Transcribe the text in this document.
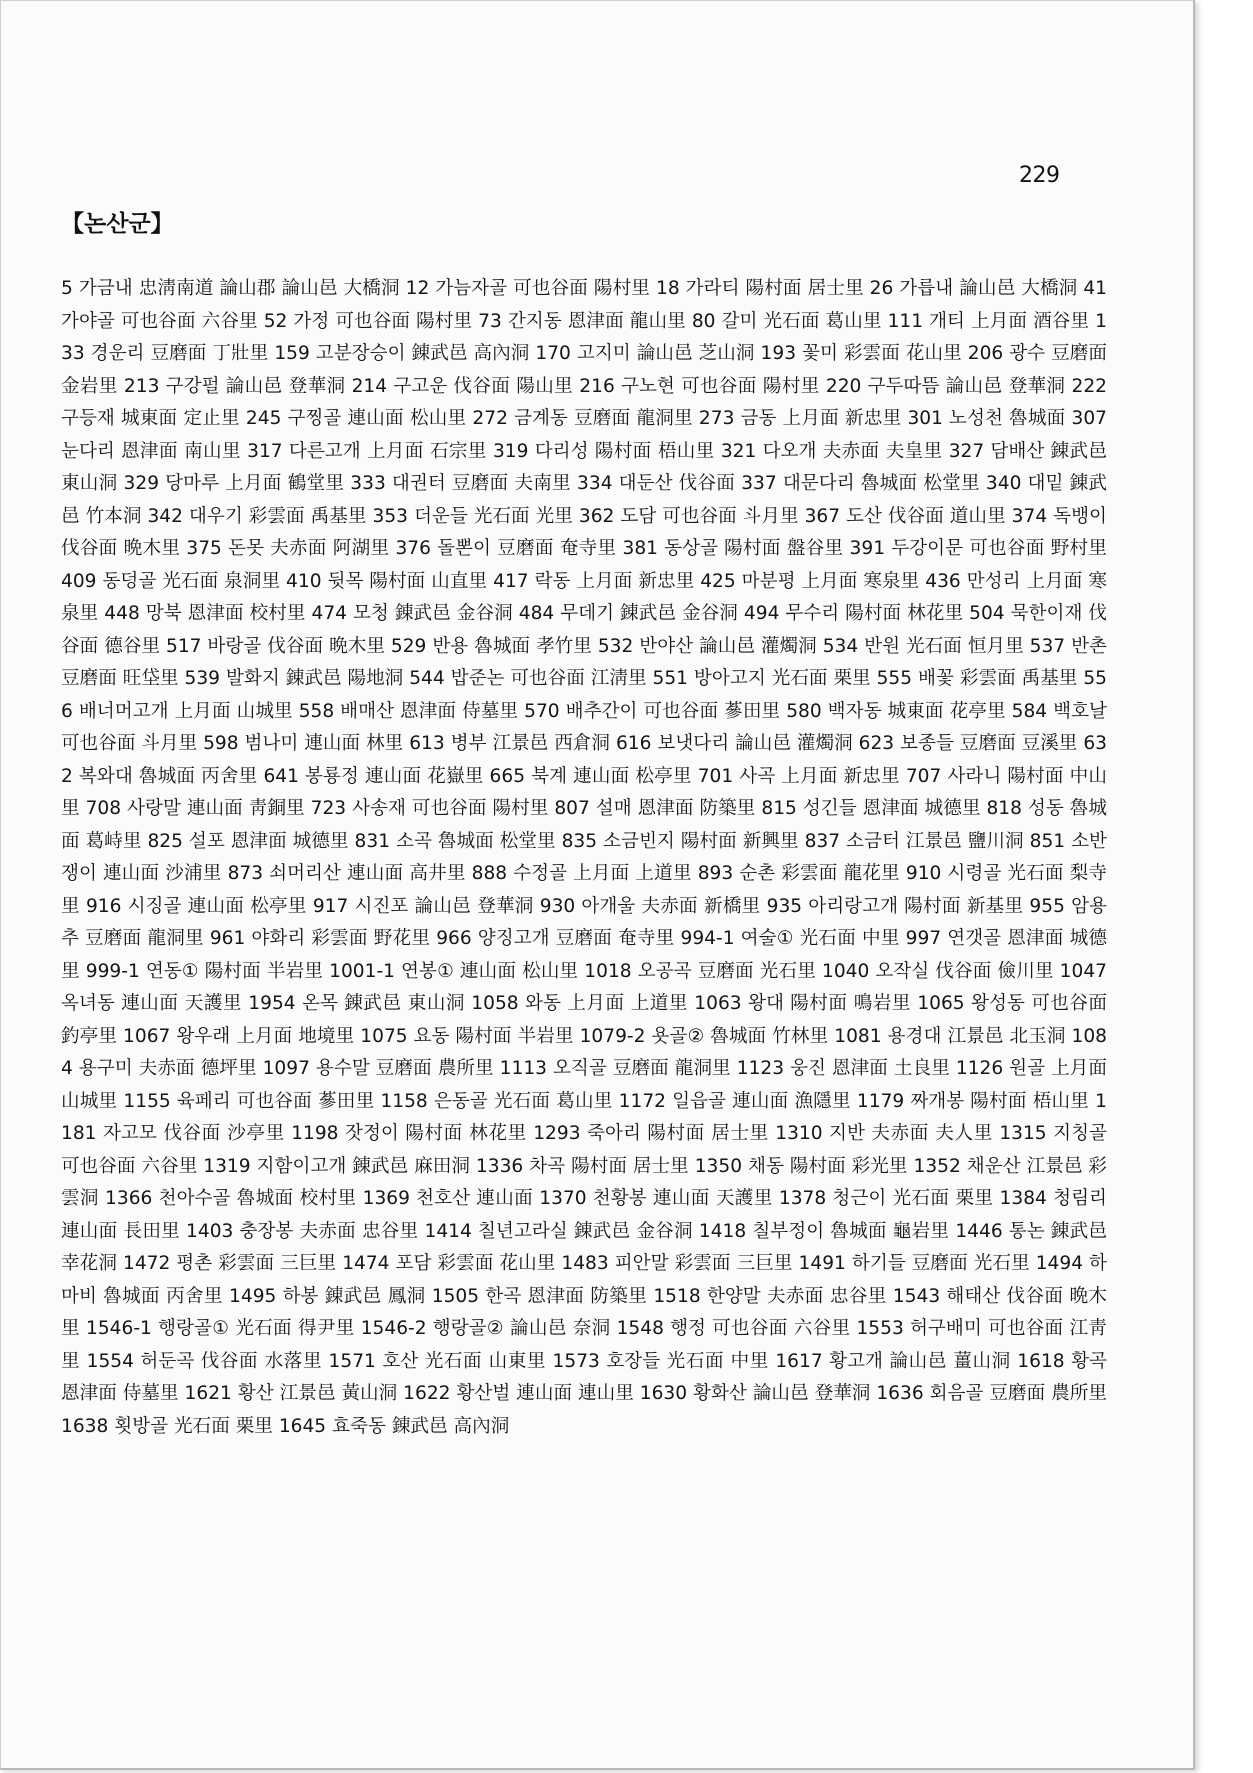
229
【논산군】
5 가금내 忠淸南道 論山郡 論山邑 大橋洞 12 가늠자골 可也谷面 陽村里 18 가라티 陽村面 居士里 26 가릅내 論山邑 大橋洞 41 가야골 可也谷面 六谷里 52 가정 可也谷面 陽村里 73 간지동 恩津面 龍山里 80 갈미 光石面 葛山里 111 개티 上月面 酒谷里 133 경운리 豆磨面 丁壯里 159 고분장승이 錬武邑 高內洞 170 고지미 論山邑 芝山洞 193 꽃미 彩雲面 花山里 206 광수 豆磨面 金岩里 213 구강펄 論山邑 登華洞 214 구고운 伐谷面 陽山里 216 구노현 可也谷面 陽村里 220 구두따뜸 論山邑 登華洞 222 구등재 城東面 定止里 245 구찡골 連山面 松山里 272 금계동 豆磨面 龍洞里 273 금동 上月面 新忠里 301 노성천 魯城面 307 눈다리 恩津面 南山里 317 다른고개 上月面 石宗里 319 다리성 陽村面 梧山里 321 다오개 夫赤面 夫皇里 327 담배산 錬武邑 東山洞 329 당마루 上月面 鶴堂里 333 대권터 豆磨面 夫南里 334 대둔산 伐谷面 337 대문다리 魯城面 松堂里 340 대밑 錬武邑 竹本洞 342 대우기 彩雲面 禹基里 353 더운들 光石面 光里 362 도담 可也谷面 斗月里 367 도산 伐谷面 道山里 374 독뱅이 伐谷面 晩木里 375 돈못 夫赤面 阿湖里 376 돌뽄이 豆磨面 奄寺里 381 동상골 陽村面 盤谷里 391 두강이문 可也谷面 野村里 409 동덩골 光石面 泉洞里 410 뒷목 陽村面 山直里 417 락동 上月面 新忠里 425 마분평 上月面 寒泉里 436 만성리 上月面 寒泉里 448 망북 恩津面 校村里 474 모청 錬武邑 金谷洞 484 무데기 錬武邑 金谷洞 494 무수리 陽村面 林花里 504 묵한이재 伐谷面 德谷里 517 바랑골 伐谷面 晩木里 529 반용 魯城面 孝竹里 532 반야산 論山邑 灌燭洞 534 반원 光石面 恒月里 537 반촌 豆磨面 旺垈里 539 발화지 錬武邑 陽地洞 544 밥준논 可也谷面 江淸里 551 방아고지 光石面 栗里 555 배꽃 彩雲面 禹基里 556 배너머고개 上月面 山城里 558 배매산 恩津面 侍墓里 570 배추간이 可也谷面 蔘田里 580 백자동 城東面 花亭里 584 백호날 可也谷面 斗月里 598 범나미 連山面 林里 613 병부 江景邑 西倉洞 616 보냇다리 論山邑 灌燭洞 623 보종들 豆磨面 豆溪里 632 복와대 魯城面 丙舍里 641 봉룡정 連山面 花嶽里 665 북계 連山面 松亭里 701 사곡 上月面 新忠里 707 사라니 陽村面 中山里 708 사랑말 連山面 靑銅里 723 사송재 可也谷面 陽村里 807 설매 恩津面 防築里 815 성긴들 恩津面 城德里 818 성동 魯城面 葛峙里 825 설포 恩津面 城德里 831 소곡 魯城面 松堂里 835 소금빈지 陽村面 新興里 837 소금터 江景邑 鹽川洞 851 소반쟁이 連山面 沙浦里 873 쇠머리산 連山面 高井里 888 수정골 上月面 上道里 893 순촌 彩雲面 龍花里 910 시령골 光石面 梨寺里 916 시징골 連山面 松亭里 917 시진포 論山邑 登華洞 930 아개울 夫赤面 新橋里 935 아리랑고개 陽村面 新基里 955 암용추 豆磨面 龍洞里 961 야화리 彩雲面 野花里 966 양징고개 豆磨面 奄寺里 994-1 여술① 光石面 中里 997 연갯골 恩津面 城德里 999-1 연동① 陽村面 半岩里 1001-1 연봉① 連山面 松山里 1018 오공곡 豆磨面 光石里 1040 오작실 伐谷面 儉川里 1047 옥녀동 連山面 天護里 1954 온목 錬武邑 東山洞 1058 와동 上月面 上道里 1063 왕대 陽村面 鳴岩里 1065 왕성동 可也谷面 釣亭里 1067 왕우래 上月面 地境里 1075 요동 陽村面 半岩里 1079-2 욧골② 魯城面 竹林里 1081 용경대 江景邑 北玉洞 1084 용구미 夫赤面 德坪里 1097 용수말 豆磨面 農所里 1113 오직골 豆磨面 龍洞里 1123 웅진 恩津面 土良里 1126 원골 上月面 山城里 1155 육페리 可也谷面 蔘田里 1158 은동골 光石面 葛山里 1172 일읍골 連山面 漁隱里 1179 짜개봉 陽村面 梧山里 1181 자고모 伐谷面 沙亭里 1198 잣정이 陽村面 林花里 1293 죽아리 陽村面 居士里 1310 지반 夫赤面 夫人里 1315 지칭골 可也谷面 六谷里 1319 지함이고개 錬武邑 麻田洞 1336 차곡 陽村面 居士里 1350 채동 陽村面 彩光里 1352 채운산 江景邑 彩雲洞 1366 천아수골 魯城面 校村里 1369 천호산 連山面 1370 천황봉 連山面 天護里 1378 청근이 光石面 栗里 1384 청림리 連山面 長田里 1403 충장봉 夫赤面 忠谷里 1414 칠년고라실 錬武邑 金谷洞 1418 칠부정이 魯城面 龜岩里 1446 통논 錬武邑 幸花洞 1472 평촌 彩雲面 三巨里 1474 포담 彩雲面 花山里 1483 피안말 彩雲面 三巨里 1491 하기들 豆磨面 光石里 1494 하마비 魯城面 丙舍里 1495 하봉 錬武邑 鳳洞 1505 한곡 恩津面 防築里 1518 한양말 夫赤面 忠谷里 1543 해태산 伐谷面 晩木里 1546-1 행랑골① 光石面 得尹里 1546-2 행랑골② 論山邑 奈洞 1548 행정 可也谷面 六谷里 1553 허구배미 可也谷面 江靑里 1554 허둔곡 伐谷面 水落里 1571 호산 光石面 山東里 1573 호장들 光石面 中里 1617 황고개 論山邑 薑山洞 1618 황곡 恩津面 侍墓里 1621 황산 江景邑 黃山洞 1622 황산벌 連山面 連山里 1630 황화산 論山邑 登華洞 1636 회음골 豆磨面 農所里 1638 횟방골 光石面 栗里 1645 효죽동 錬武邑 高內洞
